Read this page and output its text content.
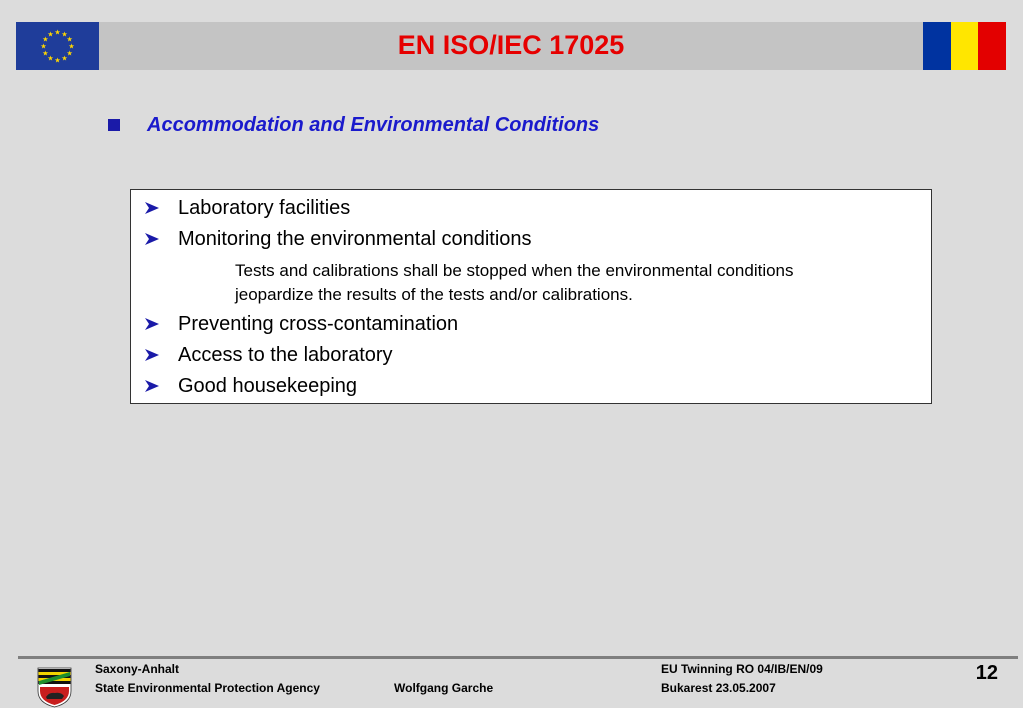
★ ★
★
★
★
★
★
★
★
★
★
★	EN ISO/IEC 17025
Accommodation and Environmental Conditions
Laboratory facilities
Monitoring the environmental conditions
Tests and calibrations shall be stopped when the environmental conditions jeopardize the results of the tests and/or calibrations.
Preventing cross-contamination
Access to the laboratory
Good housekeeping
Saxony-Anhalt
State Environmental Protection Agency	Wolfgang Garche
EU Twinning RO 04/IB/EN/09
Bukarest 23.05.2007
12
